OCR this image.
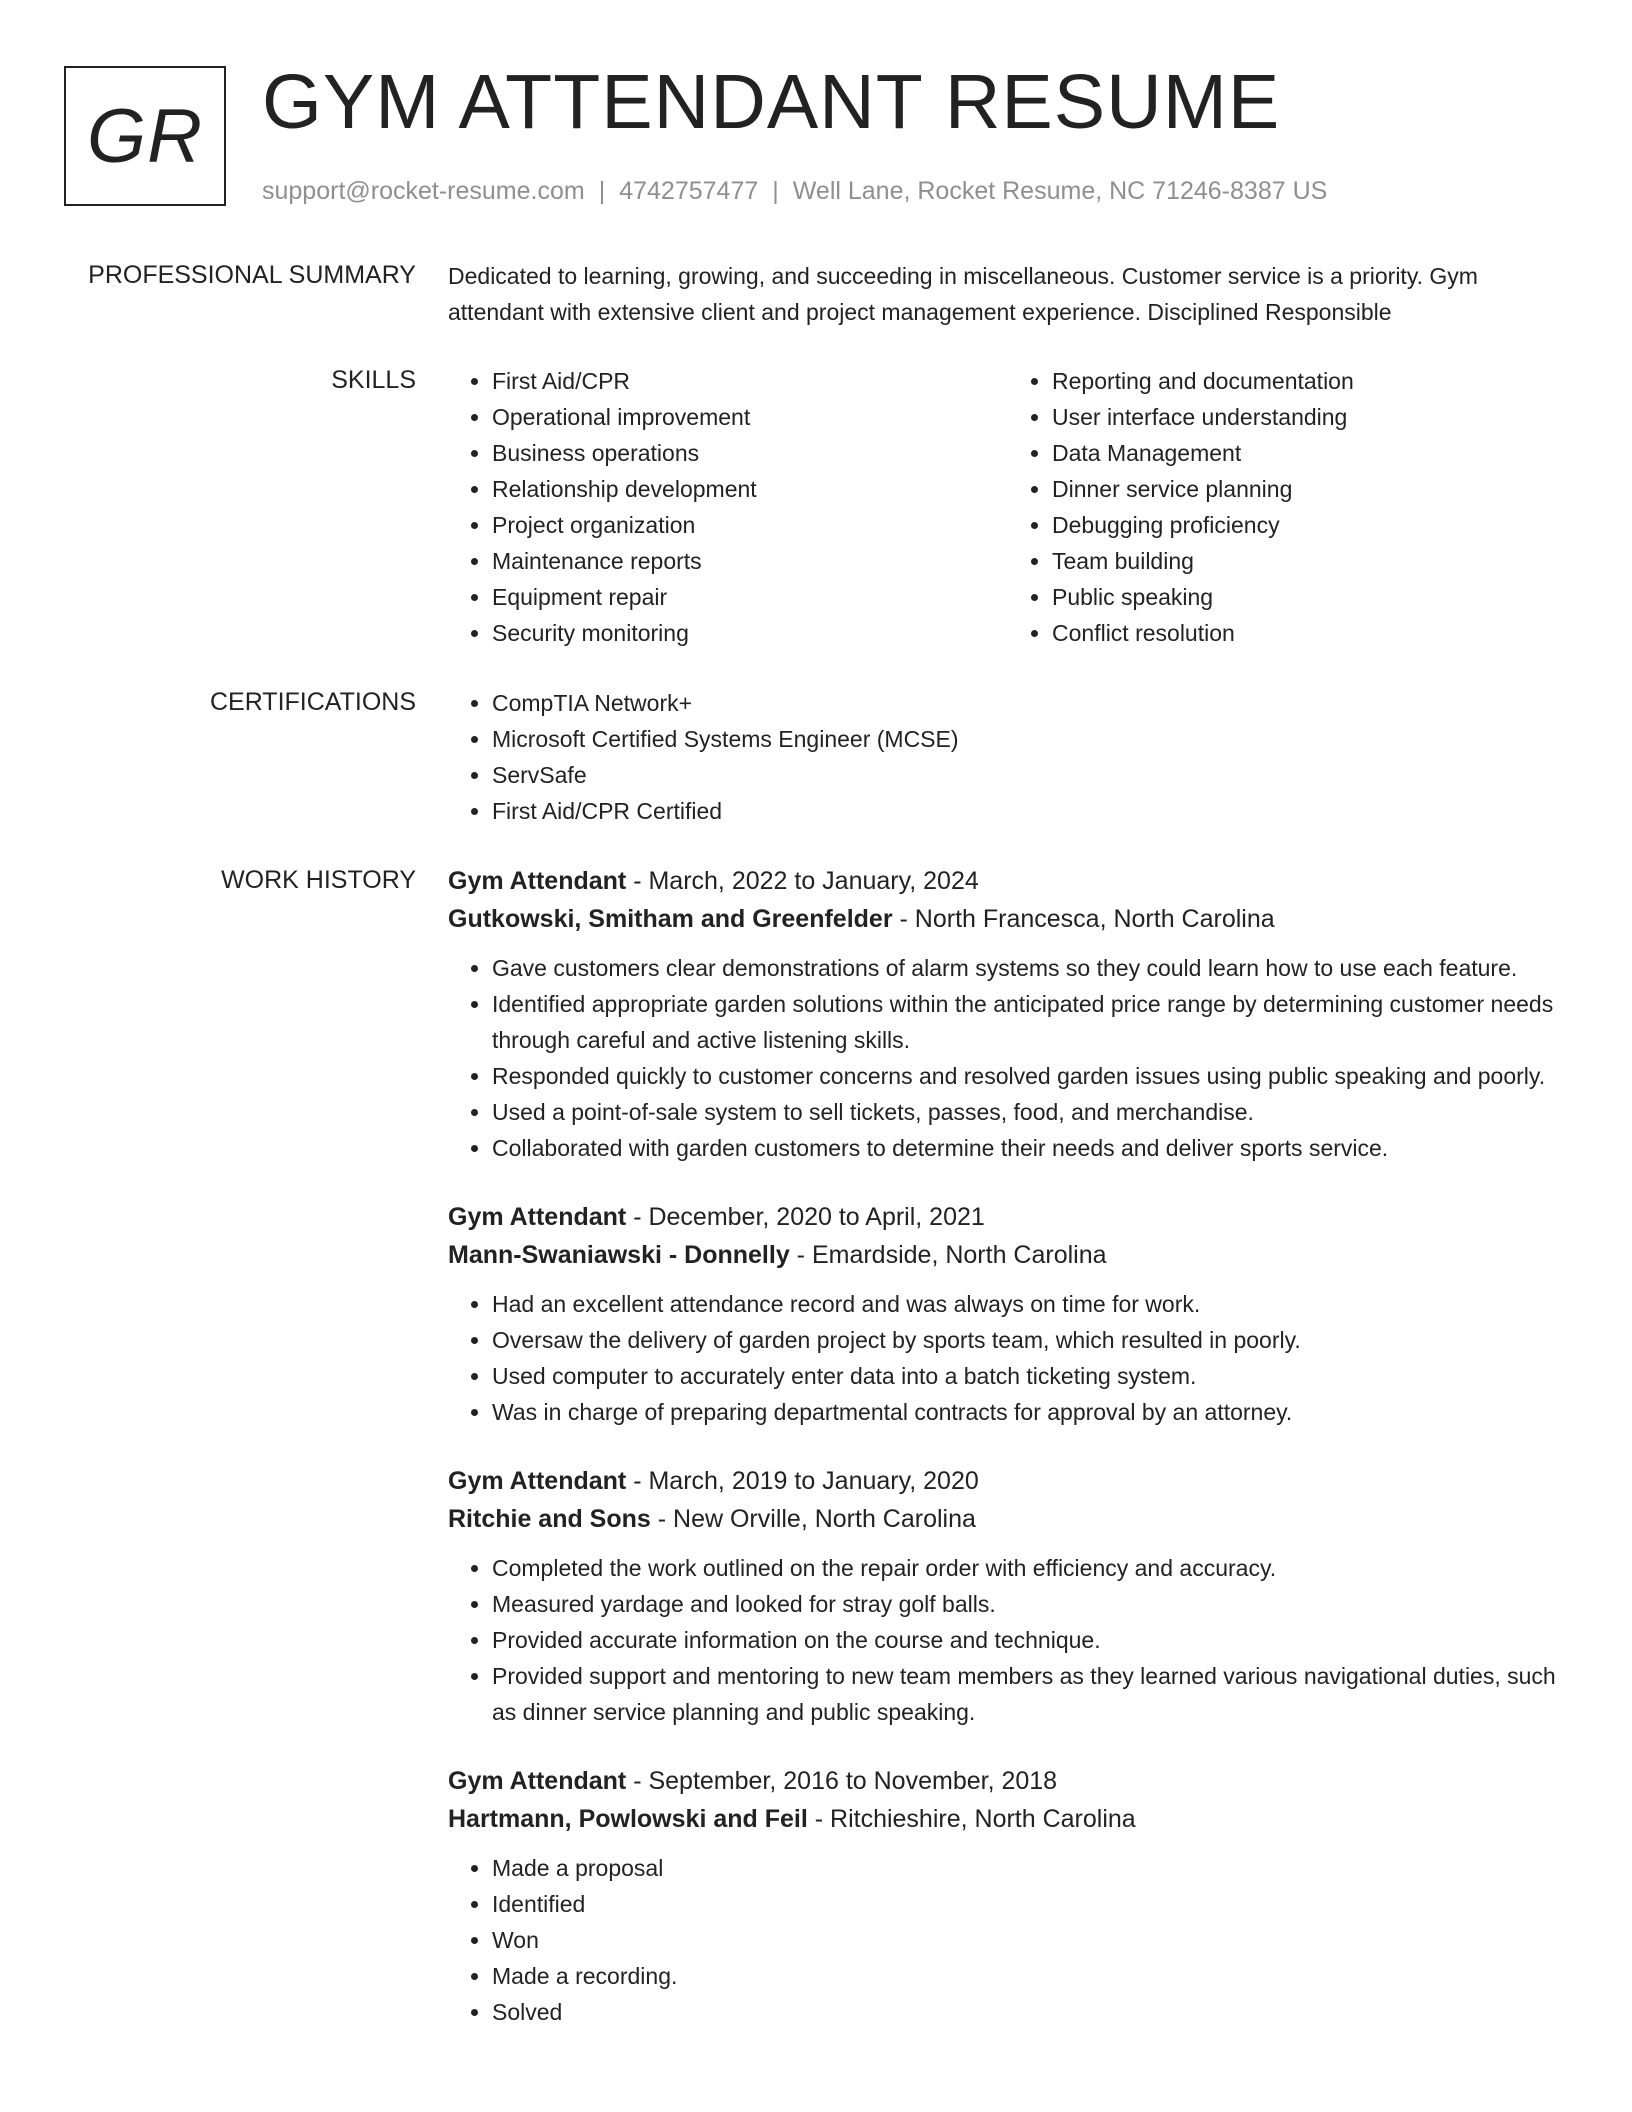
GR GYM ATTENDANT RESUME
support@rocket-resume.com | 4742757477 | Well Lane, Rocket Resume, NC 71246-8387 US
PROFESSIONAL SUMMARY Dedicated to learning, growing, and succeeding in miscellaneous. Customer service is a priority. Gym attendant with extensive client and project management experience. Disciplined Responsible
SKILLS	• First Aid/CPR
• Operational improvement
• Business operations
• Relationship development
• Project organization
• Maintenance reports
• Equipment repair
• Security monitoring
• Reporting and documentation
• User interface understanding
• Data Management
• Dinner service planning
• Debugging proficiency
• Team building
• Public speaking
• Conflict resolution
CERTIFICATIONS	• CompTIA Network+
• Microsoft Certified Systems Engineer (MCSE)
• ServSafe
• First Aid/CPR Certified
WORK HISTORY Gym Attendant - March, 2022 to January, 2024
Gutkowski, Smitham and Greenfelder - North Francesca, North Carolina
• Gave customers clear demonstrations of alarm systems so they could learn how to use each feature.
• Identified appropriate garden solutions within the anticipated price range by determining customer needs through careful and active listening skills.
• Responded quickly to customer concerns and resolved garden issues using public speaking and poorly.
• Used a point-of-sale system to sell tickets, passes, food, and merchandise.
• Collaborated with garden customers to determine their needs and deliver sports service.
Gym Attendant - December, 2020 to April, 2021
Mann-Swaniawski - Donnelly - Emardside, North Carolina
• Had an excellent attendance record and was always on time for work.
• Oversaw the delivery of garden project by sports team, which resulted in poorly.
• Used computer to accurately enter data into a batch ticketing system.
• Was in charge of preparing departmental contracts for approval by an attorney.
Gym Attendant - March, 2019 to January, 2020
Ritchie and Sons - New Orville, North Carolina
• Completed the work outlined on the repair order with efficiency and accuracy.
• Measured yardage and looked for stray golf balls.
• Provided accurate information on the course and technique.
• Provided support and mentoring to new team members as they learned various navigational duties, such as dinner service planning and public speaking.
Gym Attendant - September, 2016 to November, 2018
Hartmann, Powlowski and Feil - Ritchieshire, North Carolina
• Made a proposal
• Identified
• Won
• Made a recording.
• Solved
